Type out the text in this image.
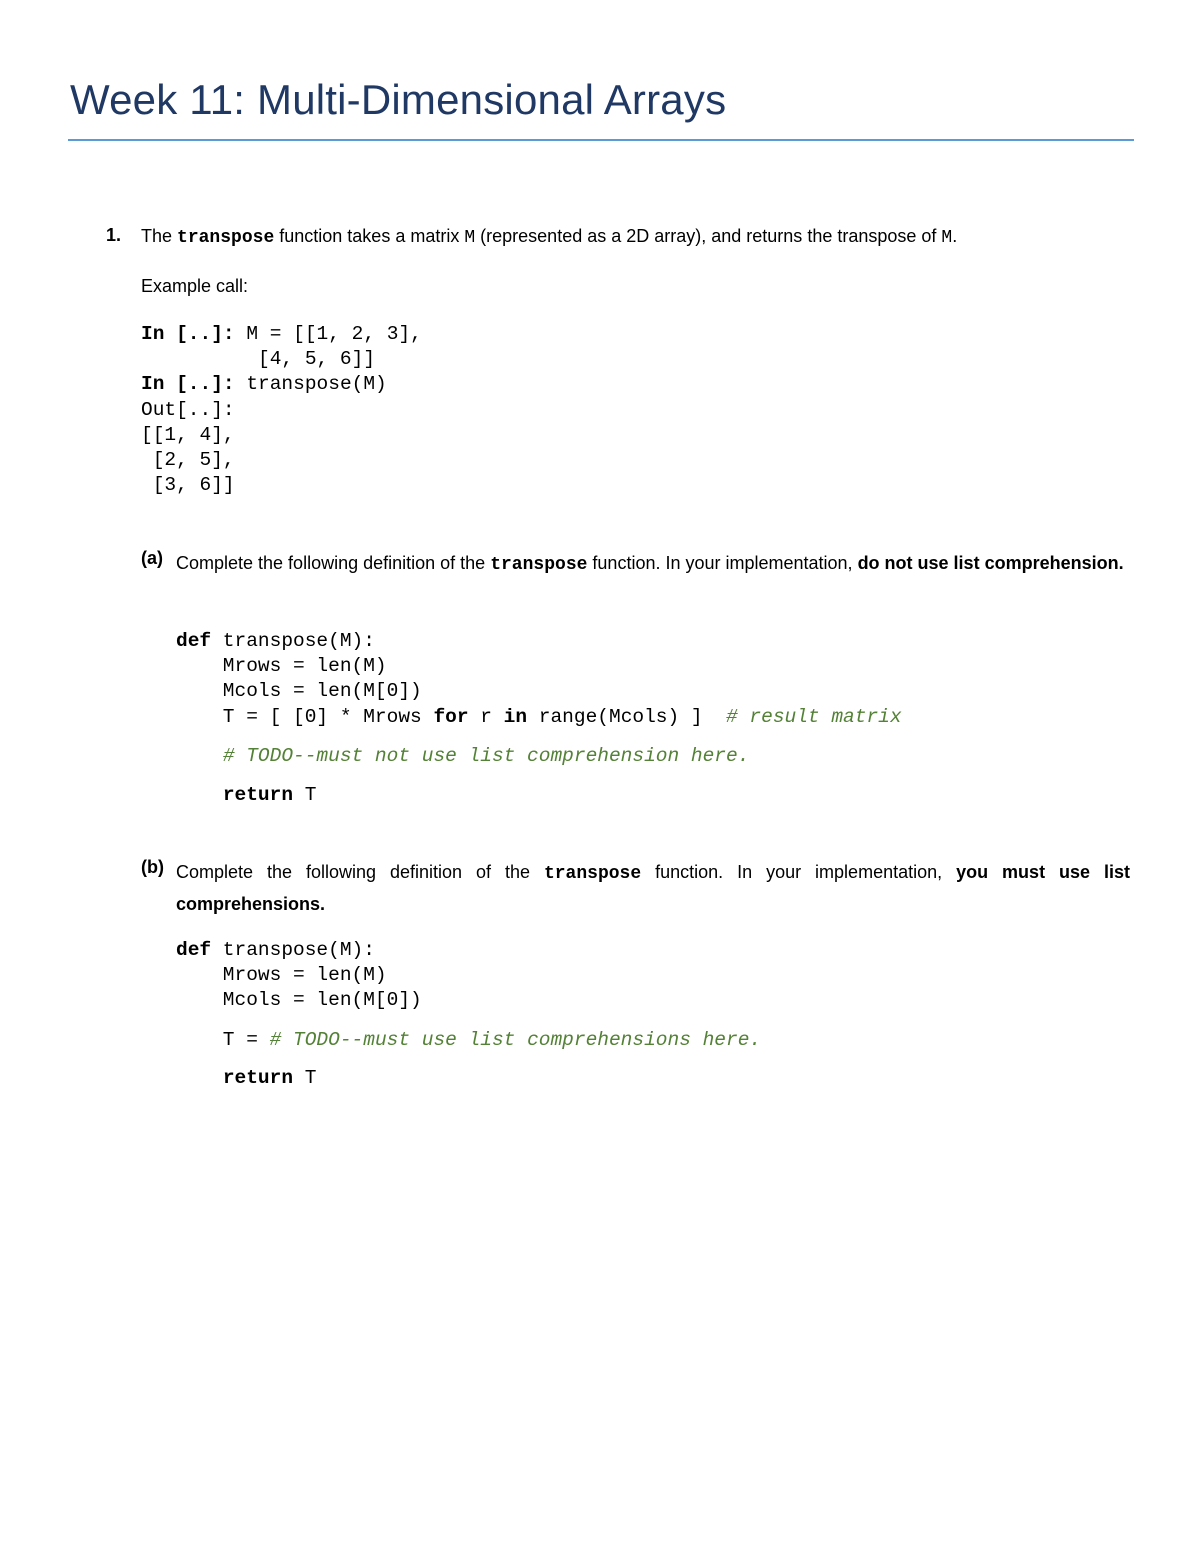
Week 11: Multi-Dimensional Arrays
1. The transpose function takes a matrix M (represented as a 2D array), and returns the transpose of M.
Example call:
In [..]: M = [[1, 2, 3],
[4, 5, 6]]
In [..]: transpose(M)
Out[..]:
[[1, 4],
[2, 5],
[3, 6]]
(a) Complete the following definition of the transpose function. In your implementation, do not use list comprehension.
def transpose(M):
Mrows = len(M)
Mcols = len(M[0])
T = [ [0] * Mrows for r in range(Mcols) ]  # result matrix
# TODO--must not use list comprehension here.
return T
(b) Complete the following definition of the transpose function. In your implementation, you must use list comprehensions.
def transpose(M):
Mrows = len(M)
Mcols = len(M[0])
T = # TODO--must use list comprehensions here.
return T
